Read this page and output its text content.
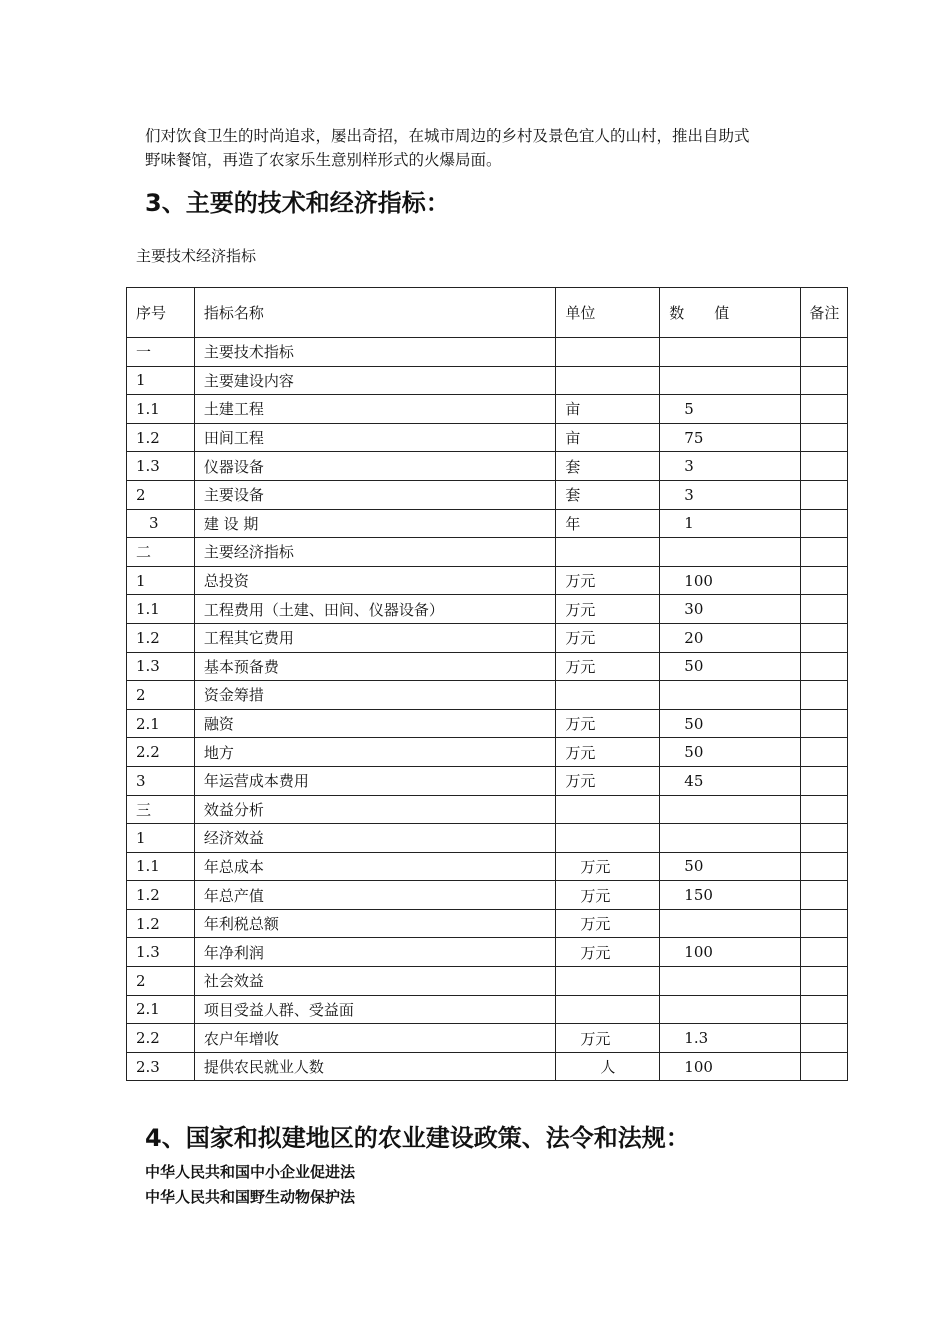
们对饮食卫生的时尚追求，屡出奇招，在城市周边的乡村及景色宜人的山村，推出自助式
野味餐馆，再造了农家乐生意别样形式的火爆局面。
3、主要的技术和经济指标：
主要技术经济指标
序号	指标名称	单位	数　　值	备注
一	主要技术指标			
1	主要建设内容			
1.1	土建工程	亩	5	
1.2	田间工程	亩	75	
1.3	仪器设备	套	3	
2	主要设备	套	3	
3	建 设 期	年	1	
二	主要经济指标			
1	总投资	万元	100	
1.1	工程费用（土建、田间、仪器设备）	万元	30	
1.2	工程其它费用	万元	20	
1.3	基本预备费	万元	50	
2	资金筹措			
2.1	融资	万元	50	
2.2	地方	万元	50	
3	年运营成本费用	万元	45	
三	效益分析			
1	经济效益			
1.1	年总成本	万元	50	
1.2	年总产值	万元	150	
1.2	年利税总额	万元		
1.3	年净利润	万元	100	
2	社会效益			
2.1	项目受益人群、受益面			
2.2	农户年增收	万元	1.3	
2.3	提供农民就业人数	人	100	
4、国家和拟建地区的农业建设政策、法令和法规：
中华人民共和国中小企业促进法
中华人民共和国野生动物保护法
